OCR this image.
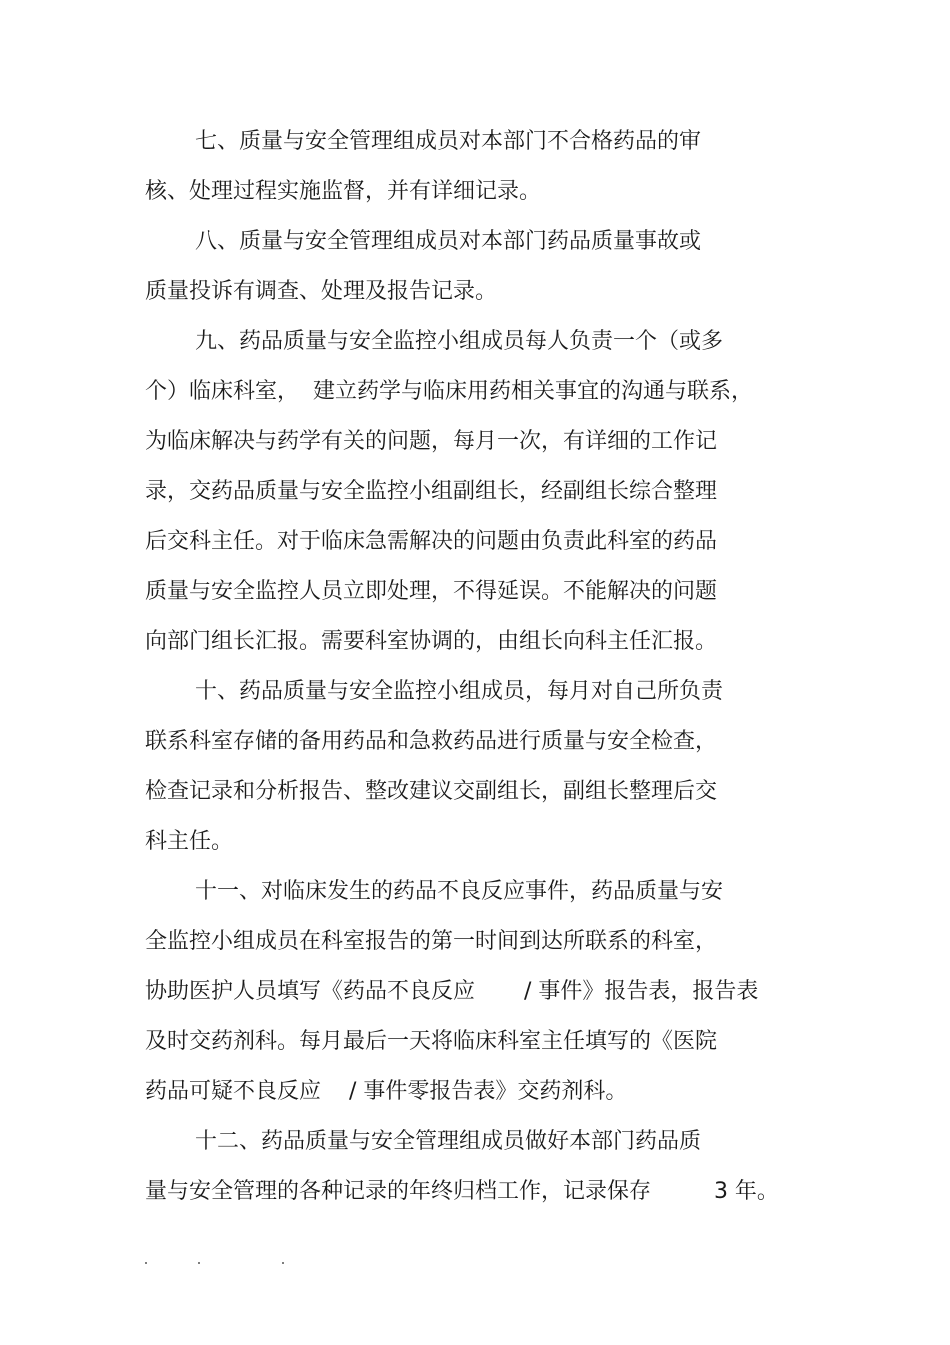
七、质量与安全管理组成员对本部门不合格药品的审

核、处理过程实施监督，并有详细记录。

八、质量与安全管理组成员对本部门药品质量事故或

质量投诉有调查、处理及报告记录。

九、药品质量与安全监控小组成员每人负责一个（或多

个）临床科室，  建立药学与临床用药相关事宜的沟通与联系，

为临床解决与药学有关的问题，每月一次，有详细的工作记

录，交药品质量与安全监控小组副组长，经副组长综合整理

后交科主任。对于临床急需解决的问题由负责此科室的药品

质量与安全监控人员立即处理，不得延误。不能解决的问题

向部门组长汇报。需要科室协调的，由组长向科主任汇报。

十、药品质量与安全监控小组成员，每月对自己所负责

联系科室存储的备用药品和急救药品进行质量与安全检查，

检查记录和分析报告、整改建议交副组长，副组长整理后交

科主任。

十一、对临床发生的药品不良反应事件，药品质量与安

全监控小组成员在科室报告的第一时间到达所联系的科室，

协助医护人员填写《药品不良反应       / 事件》报告表，报告表

及时交药剂科。每月最后一天将临床科室主任填写的《医院

药品可疑不良反应    / 事件零报告表》交药剂科。

十二、药品质量与安全管理组成员做好本部门药品质

量与安全管理的各种记录的年终归档工作，记录保存         3 年。
